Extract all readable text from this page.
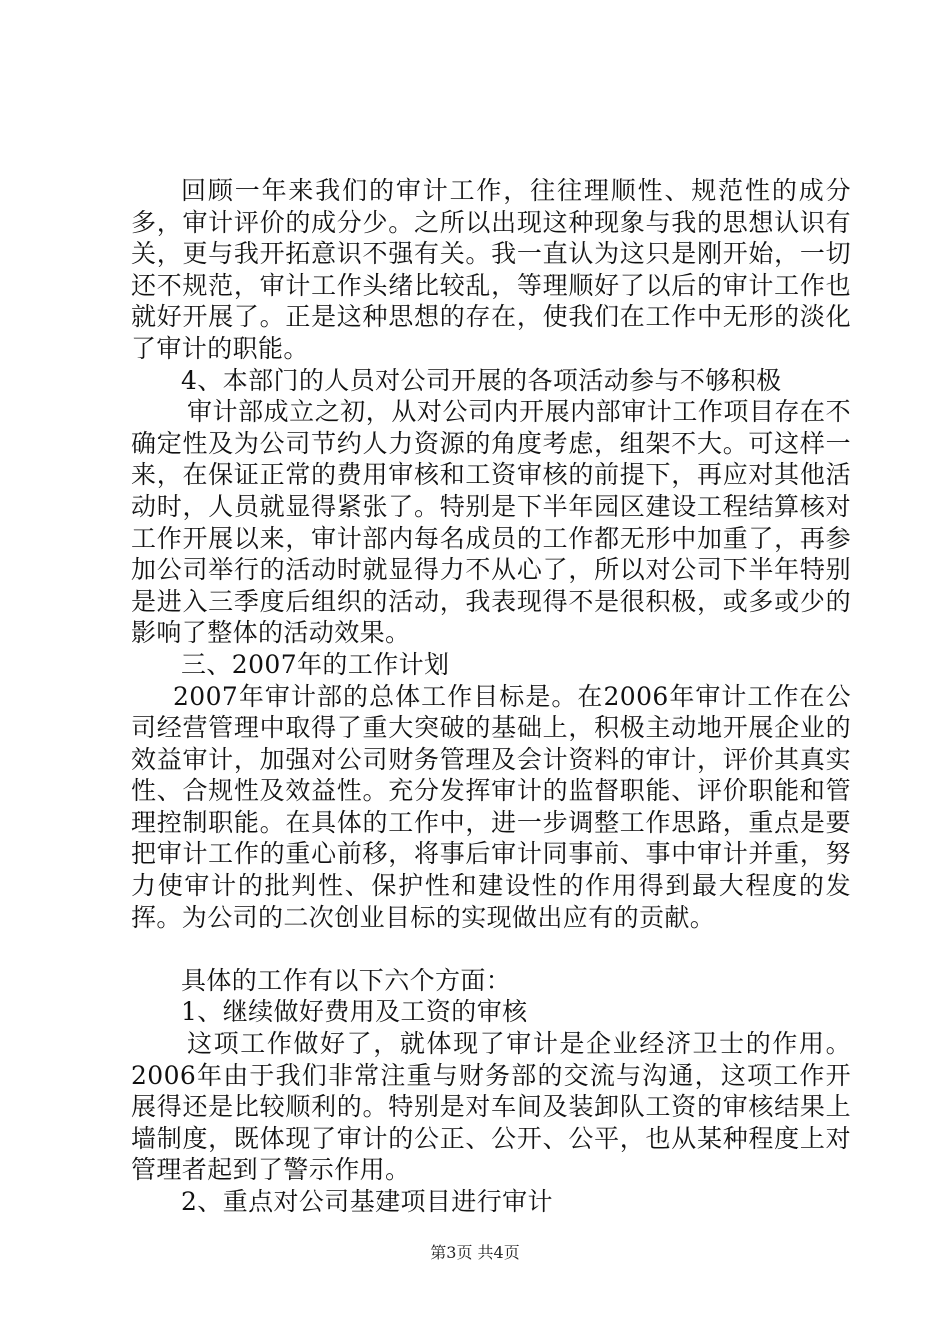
回顾一年来我们的审计工作，往往理顺性、规范性的成分多，审计评价的成分少。之所以出现这种现象与我的思想认识有关，更与我开拓意识不强有关。我一直认为这只是刚开始，一切还不规范，审计工作头绪比较乱，等理顺好了以后的审计工作也就好开展了。正是这种思想的存在，使我们在工作中无形的淡化了审计的职能。

4、本部门的人员对公司开展的各项活动参与不够积极

审计部成立之初，从对公司内开展内部审计工作项目存在不确定性及为公司节约人力资源的角度考虑，组架不大。可这样一来，在保证正常的费用审核和工资审核的前提下，再应对其他活动时，人员就显得紧张了。特别是下半年园区建设工程结算核对工作开展以来，审计部内每名成员的工作都无形中加重了，再参加公司举行的活动时就显得力不从心了，所以对公司下半年特别是进入三季度后组织的活动，我表现得不是很积极，或多或少的影响了整体的活动效果。

三、2007年的工作计划

2007年审计部的总体工作目标是。在2006年审计工作在公司经营管理中取得了重大突破的基础上，积极主动地开展企业的效益审计，加强对公司财务管理及会计资料的审计，评价其真实性、合规性及效益性。充分发挥审计的监督职能、评价职能和管理控制职能。在具体的工作中，进一步调整工作思路，重点是要把审计工作的重心前移，将事后审计同事前、事中审计并重，努力使审计的批判性、保护性和建设性的作用得到最大程度的发挥。为公司的二次创业目标的实现做出应有的贡献。

具体的工作有以下六个方面：

1、继续做好费用及工资的审核

这项工作做好了，就体现了审计是企业经济卫士的作用。2006年由于我们非常注重与财务部的交流与沟通，这项工作开展得还是比较顺利的。特别是对车间及装卸队工资的审核结果上墙制度，既体现了审计的公正、公开、公平，也从某种程度上对管理者起到了警示作用。

2、重点对公司基建项目进行审计

第3页 共4页
